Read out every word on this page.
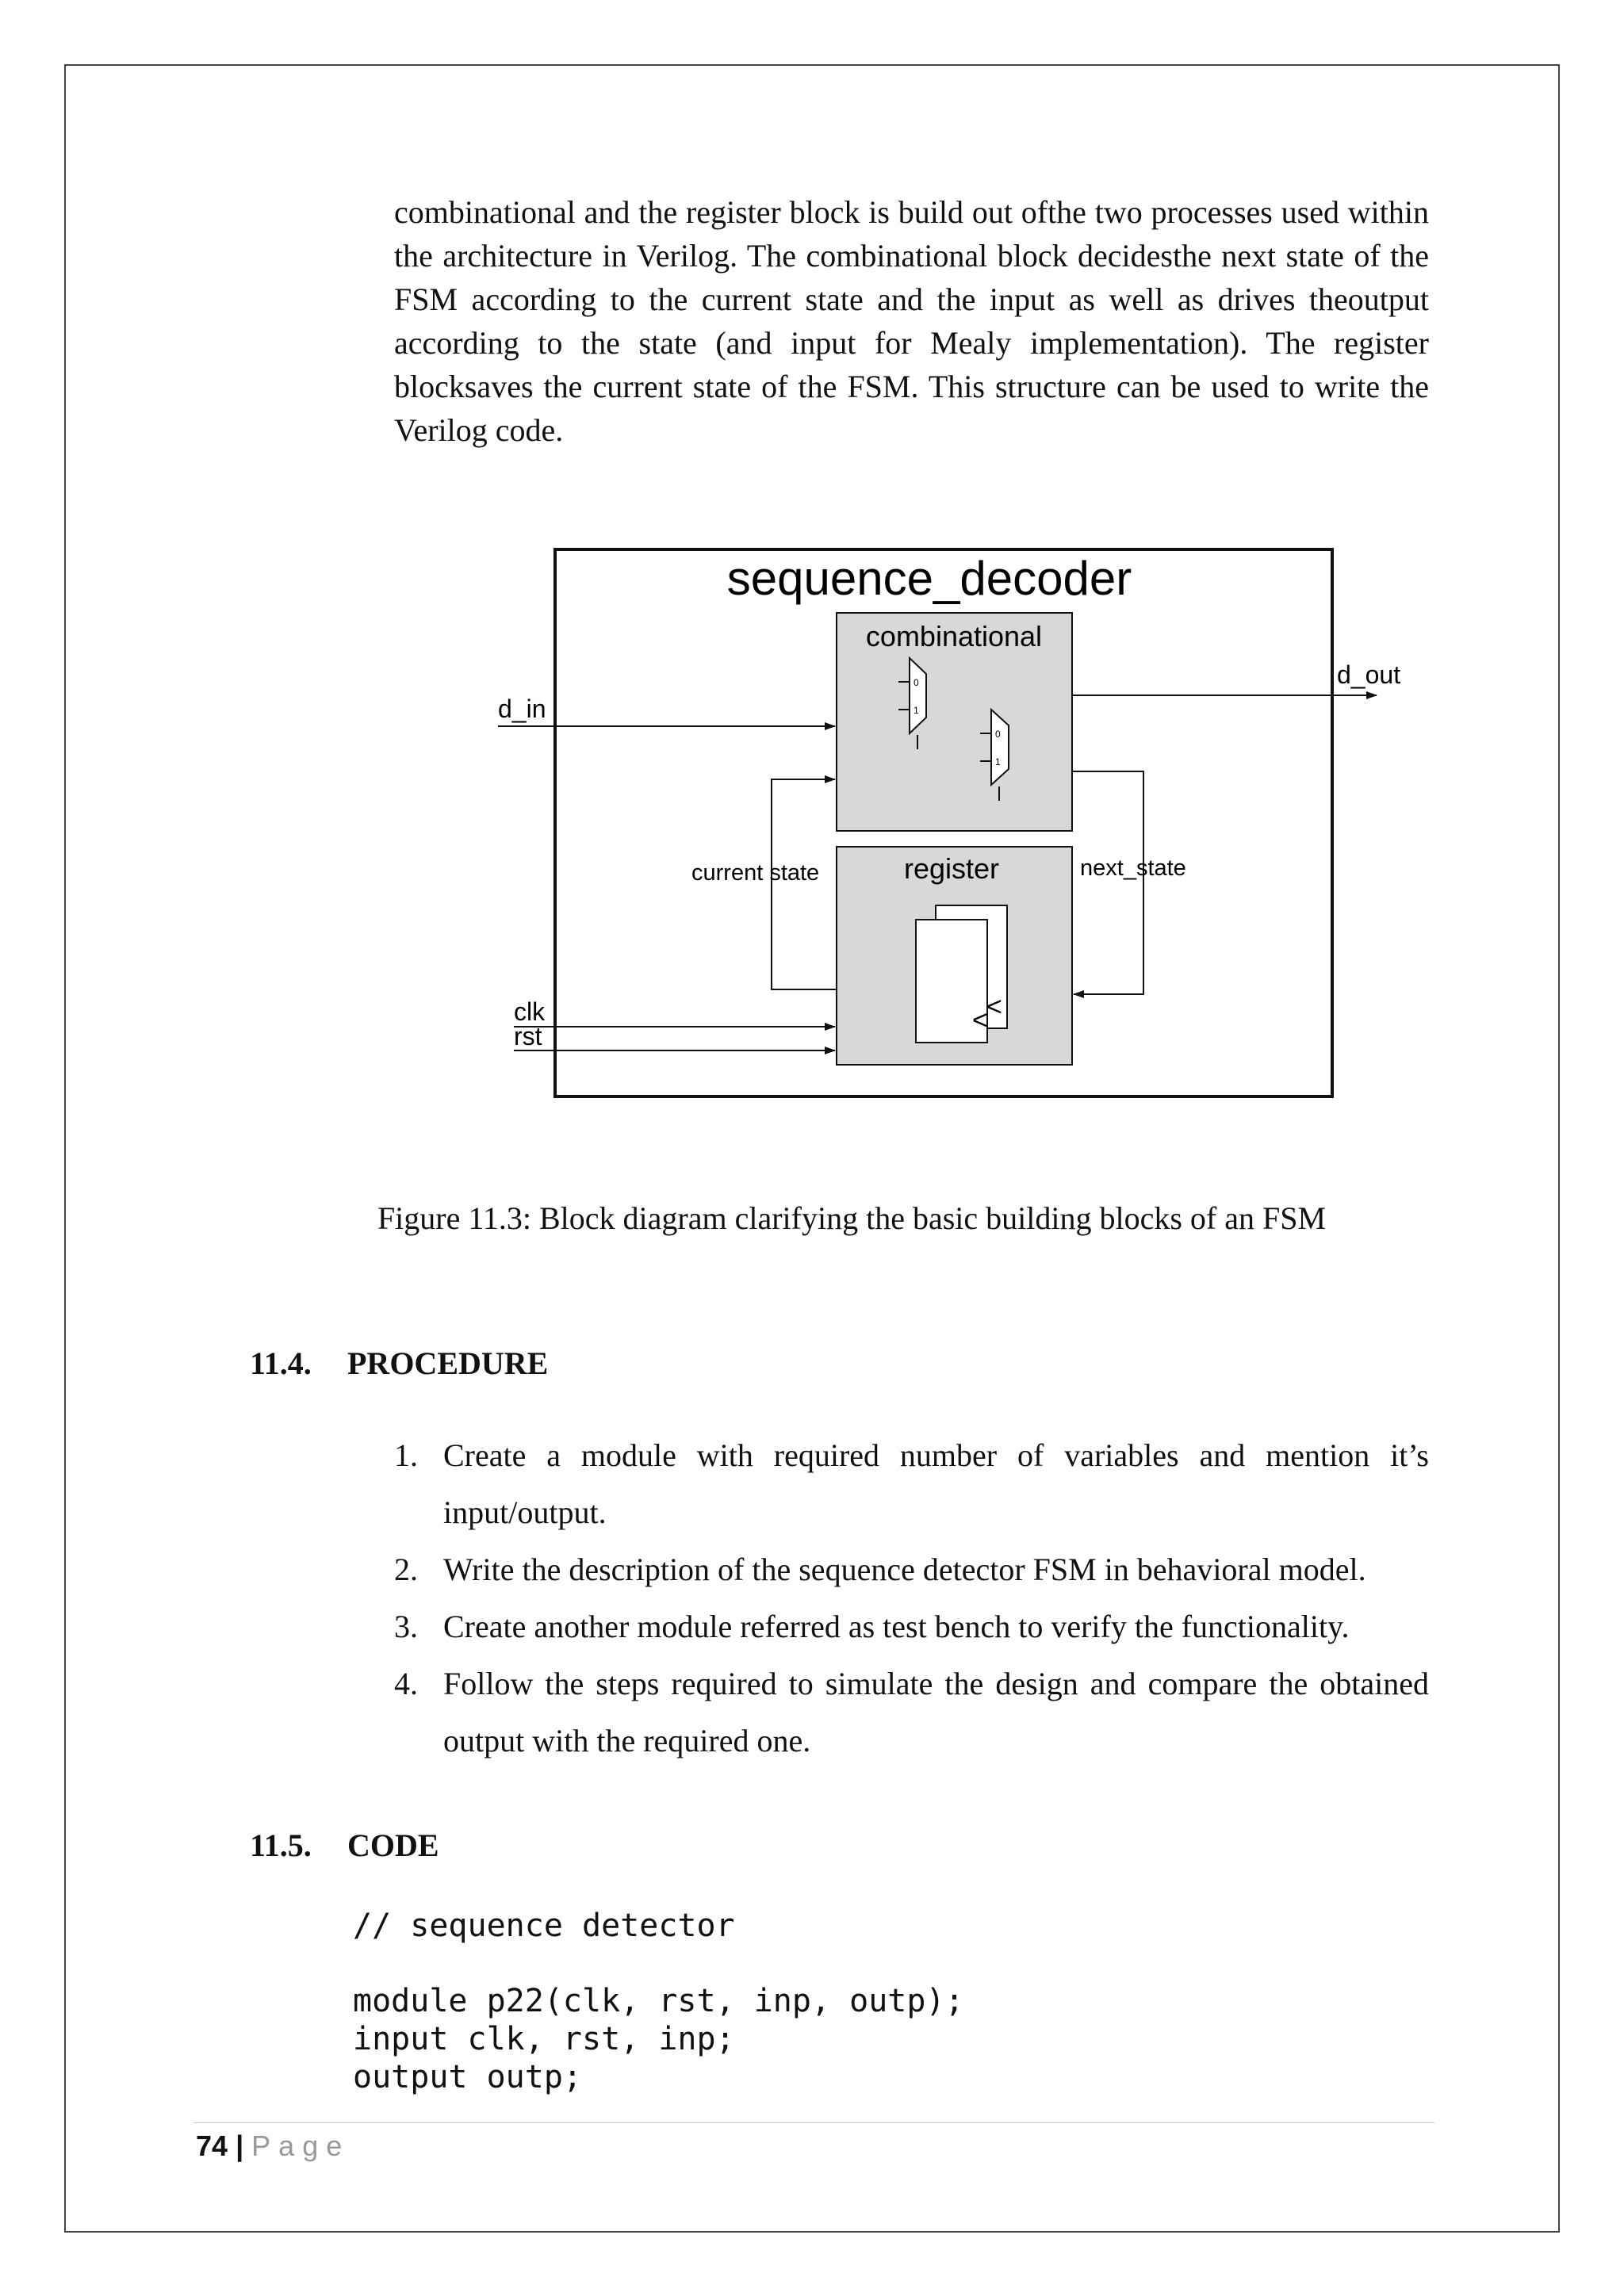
combinational and the register block is build out ofthe two processes used within the architecture in Verilog. The combinational block decidesthe next state of the FSM according to the current state and the input as well as drives theoutput according to the state (and input for Mealy implementation). The register blocksaves the current state of the FSM. This structure can be used to write the Verilog code.

sequence_decoder
combinational
0
1
0
1
register
<
<
d_in
d_out
current state	next_state
clk
rst
Figure 11.3: Block diagram clarifying the basic building blocks of an FSM
11.4. PROCEDURE
1. Create a module with required number of variables and mention it’s input/output.
2. Write the description of the sequence detector FSM in behavioral model.
3. Create another module referred as test bench to verify the functionality.
4. Follow the steps required to simulate the design and compare the obtained output with the required one.
11.5. CODE
// sequence detector
module p22(clk, rst, inp, outp);
input clk, rst, inp;
output outp;
74 | Page
